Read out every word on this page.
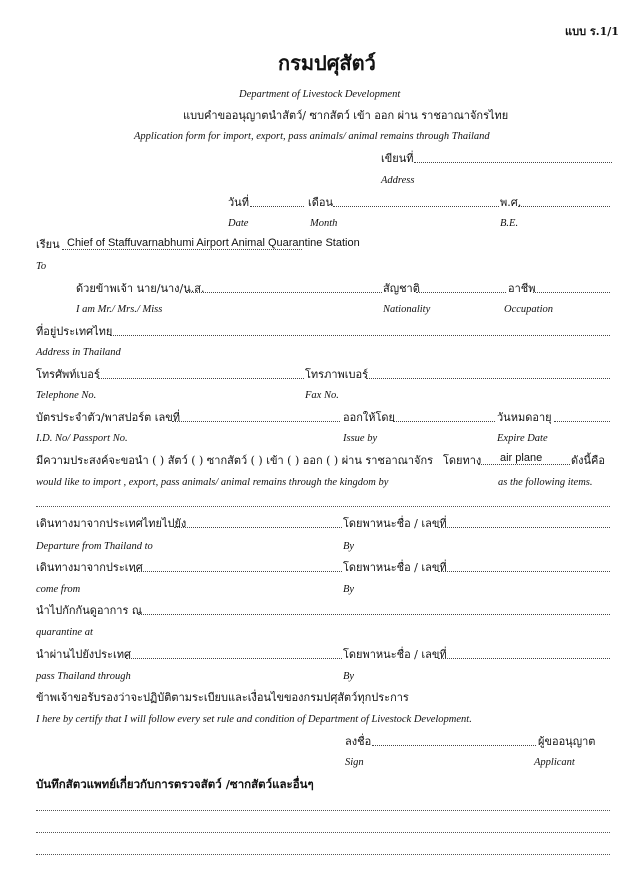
แบบ ร.1/1
กรมปศุสัตว์
Department of Livestock Development
แบบคำขออนุญาตนำสัตว์/ ซากสัตว์ เข้า ออก ผ่าน ราชอาณาจักรไทย
Application form for import, export, pass animals/ animal remains through Thailand
เขียนที่
Address
วันที่	เดือน	พ.ศ.
Date	Month	B.E.
เรียน Chief of Staffuvarnabhumi Airport Animal Quarantine Station
To
ด้วยข้าพเจ้า นาย/นาง/น.ส.	สัญชาติ	อาชีพ
I am Mr./ Mrs./ Miss	Nationality	Occupation
ที่อยู่ประเทศไทย
Address in Thailand
โทรศัพท์เบอร์	โทรภาพเบอร์
Telephone No.	Fax No.
บัตรประจำตัว/พาสปอร์ต เลขที่	ออกให้โดย	วันหมดอายุ
I.D. No/ Passport No.	Issue by	Expire Date
มีความประสงค์จะขอนำ ( ) สัตว์ ( ) ซากสัตว์ ( ) เข้า ( ) ออก ( ) ผ่าน ราชอาณาจักร โดยทาง air plane	ดังนี้คือ
would like to import , export, pass animals/ animal remains through the kingdom by	as the following items.
เดินทางมาจากประเทศไทยไปยัง	โดยพาหนะชื่อ / เลขที่
Departure from Thailand to	By
เดินทางมาจากประเทศ	โดยพาหนะชื่อ / เลขที่
come from	By
นำไปกักกันดูอาการ ณ
quarantine at
นำผ่านไปยังประเทศ	โดยพาหนะชื่อ / เลขที่
pass Thailand through	By
ข้าพเจ้าขอรับรองว่าจะปฏิบัติตามระเบียบและเงื่อนไขของกรมปศุสัตว์ทุกประการ
I here by certify that I will follow every set rule and condition of Department of Livestock Development.
ลงชื่อ	ผู้ขออนุญาต
Sign	Applicant
บันทึกสัตวแพทย์เกี่ยวกับการตรวจสัตว์ /ซากสัตว์และอื่นๆ
